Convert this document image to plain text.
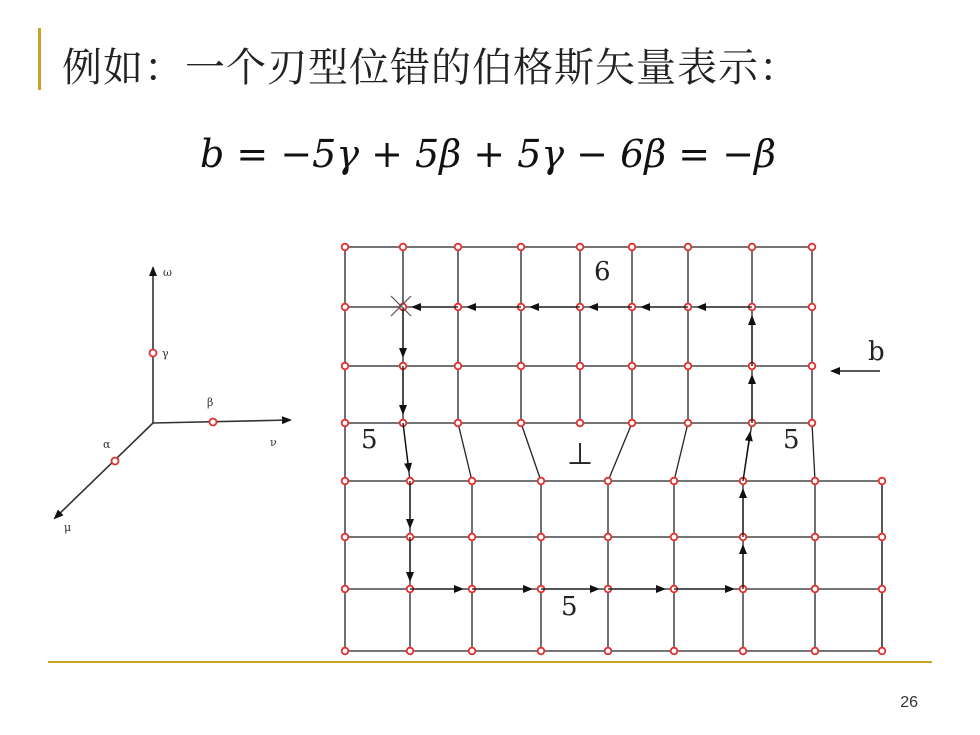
例如：一个刃型位错的伯格斯矢量表示：
b = −5γ + 5β + 5γ − 6β = −β
ω
γ
β
ν
α
μ
6
5	5
5
b
⊥
26
